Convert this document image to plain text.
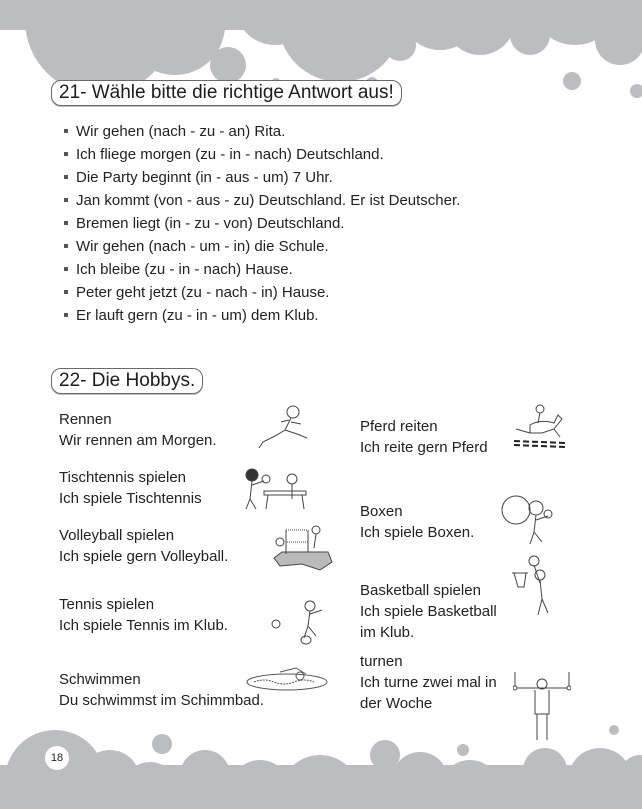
21- Wähle bitte die richtige Antwort aus!
Wir gehen (nach - zu - an) Rita.
Ich fliege morgen (zu - in - nach) Deutschland.
Die Party beginnt (in - aus - um) 7 Uhr.
Jan kommt (von - aus - zu) Deutschland. Er ist Deutscher.
Bremen liegt (in - zu - von) Deutschland.
Wir gehen (nach - um - in) die Schule.
Ich bleibe (zu - in - nach) Hause.
Peter geht jetzt (zu - nach - in) Hause.
Er lauft gern (zu - in - um) dem Klub.
22- Die Hobbys.
Rennen
Wir rennen am Morgen.
Tischtennis spielen
Ich spiele Tischtennis
Volleyball spielen
Ich spiele gern Volleyball.
Tennis spielen
Ich spiele Tennis im Klub.
Schwimmen
Du schwimmst im Schimmbad.
Pferd reiten
Ich reite gern Pferd
Boxen
Ich spiele Boxen.
Basketball spielen
Ich spiele Basketball
im Klub.
turnen
Ich turne zwei mal in
der Woche
18
